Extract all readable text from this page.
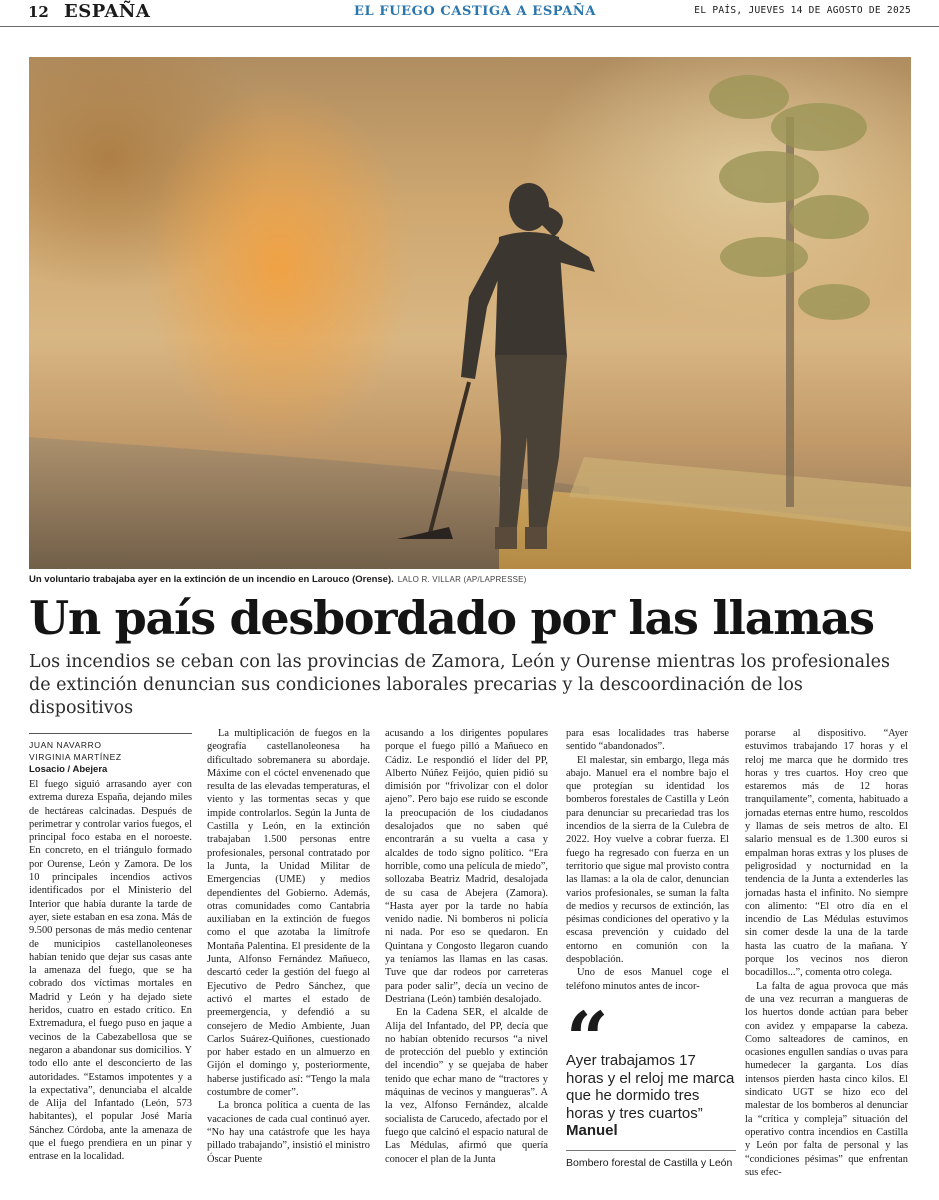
12 ESPAÑA	EL FUEGO CASTIGA A ESPAÑA	EL PAÍS, JUEVES 14 DE AGOSTO DE 2025
Un voluntario trabajaba ayer en la extinción de un incendio en Larouco (Orense). LALO R. VILLAR (AP/LAPRESSE)
Un país desbordado por las llamas

Los incendios se ceban con las provincias de Zamora, León y Ourense mientras los profesionales de extinción denuncian sus condiciones laborales precarias y la descoordinación de los dispositivos

JUAN NAVARRO
VIRGINIA MARTÍNEZ
Losacio / Abejera

El fuego siguió arrasando ayer con extrema dureza España, dejando miles de hectáreas calcinadas. Después de perimetrar y controlar varios fuegos, el principal foco estaba en el noroeste. En concreto, en el triángulo formado por Ourense, León y Zamora. De los 10 principales incendios activos identificados por el Ministerio del Interior que había durante la tarde de ayer, siete estaban en esa zona. Más de 9.500 personas de más medio centenar de municipios castellanoleoneses habían tenido que dejar sus casas ante la amenaza del fuego, que se ha cobrado dos víctimas mortales en Madrid y León y ha dejado siete heridos, cuatro en estado crítico. En Extremadura, el fuego puso en jaque a vecinos de la Cabezabellosa que se negaron a abandonar sus domicilios. Y todo ello ante el desconcierto de las autoridades. “Estamos impotentes y a la expectativa”, denunciaba el alcalde de Alija del Infantado (León, 573 habitantes), el popular José María Sánchez Córdoba, ante la amenaza de que el fuego prendiera en un pinar y entrase en la localidad.

La multiplicación de fuegos en la geografía castellanoleonesa ha dificultado sobremanera su abordaje. Máxime con el cóctel envenenado que resulta de las elevadas temperaturas, el viento y las tormentas secas y que impide controlarlos. Según la Junta de Castilla y León, en la extinción trabajaban 1.500 personas entre profesionales, personal contratado por la Junta, la Unidad Militar de Emergencias (UME) y medios dependientes del Gobierno. Además, otras comunidades como Cantabria auxiliaban en la extinción de fuegos como el que azotaba la limítrofe Montaña Palentina. El presidente de la Junta, Alfonso Fernández Mañueco, descartó ceder la gestión del fuego al Ejecutivo de Pedro Sánchez, que activó el martes el estado de preemergencia, y defendió a su consejero de Medio Ambiente, Juan Carlos Suárez-Quiñones, cuestionado por haber estado en un almuerzo en Gijón el domingo y, posteriormente, haberse justificado así: “Tengo la mala costumbre de comer”.

La bronca política a cuenta de las vacaciones de cada cual continuó ayer. “No hay una catástrofe que les haya pillado trabajando”, insistió el ministro Óscar Puente

acusando a los dirigentes populares porque el fuego pilló a Mañueco en Cádiz. Le respondió el líder del PP, Alberto Núñez Feijóo, quien pidió su dimisión por “frivolizar con el dolor ajeno”. Pero bajo ese ruido se esconde la preocupación de los ciudadanos desalojados que no saben qué encontrarán a su vuelta a casa y alcaldes de todo signo político. “Era horrible, como una película de miedo”, sollozaba Beatriz Madrid, desalojada de su casa de Abejera (Zamora). “Hasta ayer por la tarde no había venido nadie. Ni bomberos ni policía ni nada. Por eso se quedaron. En Quintana y Congosto llegaron cuando ya teníamos las llamas en las casas. Tuve que dar rodeos por carreteras para poder salir”, decía un vecino de Destriana (León) también desalojado.

En la Cadena SER, el alcalde de Alija del Infantado, del PP, decía que no habían obtenido recursos “a nivel de protección del pueblo y extinción del incendio” y se quejaba de haber tenido que echar mano de “tractores y máquinas de vecinos y mangueras”. A la vez, Alfonso Fernández, alcalde socialista de Carucedo, afectado por el fuego que calcinó el espacio natural de Las Médulas, afirmó que quería conocer el plan de la Junta

para esas localidades tras haberse sentido “abandonados”.

El malestar, sin embargo, llega más abajo. Manuel era el nombre bajo el que protegían su identidad los bomberos forestales de Castilla y León para denunciar su precariedad tras los incendios de la sierra de la Culebra de 2022. Hoy vuelve a cobrar fuerza. El fuego ha regresado con fuerza en un territorio que sigue mal provisto contra las llamas: a la ola de calor, denuncian varios profesionales, se suman la falta de medios y recursos de extinción, las pésimas condiciones del operativo y la escasa prevención y cuidado del entorno en comunión con la despoblación.

Uno de esos Manuel coge el teléfono minutos antes de incor-

“
Ayer trabajamos 17 horas y el reloj me marca que he dormido tres horas y tres cuartos” Manuel
Bombero forestal de Castilla y León

porarse al dispositivo. “Ayer estuvimos trabajando 17 horas y el reloj me marca que he dormido tres horas y tres cuartos. Hoy creo que estaremos más de 12 horas tranquilamente”, comenta, habituado a jornadas eternas entre humo, rescoldos y llamas de seis metros de alto. El salario mensual es de 1.300 euros si empalman horas extras y los pluses de peligrosidad y nocturnidad en la tendencia de la Junta a extenderles las jornadas hasta el infinito. No siempre con alimento: “El otro día en el incendio de Las Médulas estuvimos sin comer desde la una de la tarde hasta las cuatro de la mañana. Y porque los vecinos nos dieron bocadillos...”, comenta otro colega.

La falta de agua provoca que más de una vez recurran a mangueras de los huertos donde actúan para beber con avidez y empaparse la cabeza. Como salteadores de caminos, en ocasiones engullen sandías o uvas para humedecer la garganta. Los días intensos pierden hasta cinco kilos. El sindicato UGT se hizo eco del malestar de los bomberos al denunciar la “crítica y compleja” situación del operativo contra incendios en Castilla y León por falta de personal y las “condiciones pésimas” que enfrentan sus efec-
